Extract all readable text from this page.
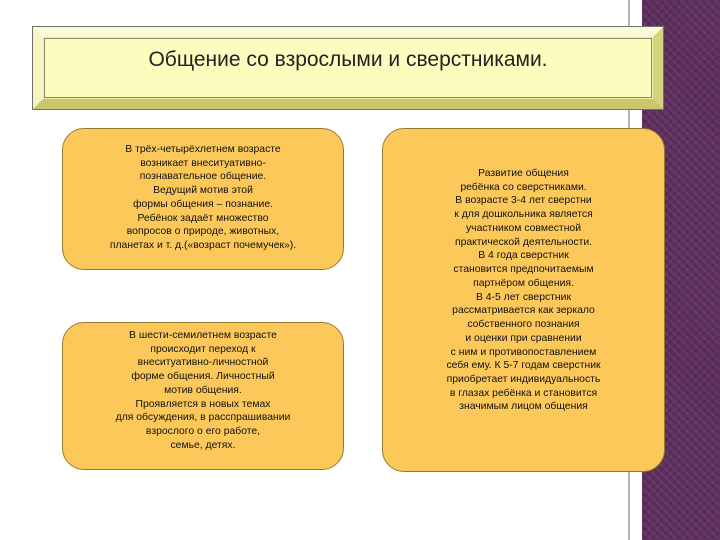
Общение со взрослыми и сверстниками.
В трёх-четырёхлетнем возрасте
возникает внеситуативно-
познавательное общение.
Ведущий мотив этой
формы общения – познание.
Ребёнок задаёт множество
вопросов о природе, животных,
планетах и т. д.(«возраст почемучек»).
В шести-семилетнем возрасте
происходит переход к
внеситуативно-личностной
форме общения. Личностный
мотив общения.
Проявляется в новых темах
для обсуждения, в расспрашивании
взрослого о его работе,
семье, детях.
Развитие общения
ребёнка со сверстниками.
В возрасте 3-4 лет сверстни
к для дошкольника является
участником совместной
практической деятельности.
В 4 года сверстник
становится предпочитаемым
партнёром общения.
В 4-5 лет сверстник
рассматривается как зеркало
собственного познания
и оценки при сравнении
с ним и противопоставлением
себя ему. К 5-7 годам сверстник
приобретает индивидуальность
в глазах ребёнка и становится
значимым лицом общения
